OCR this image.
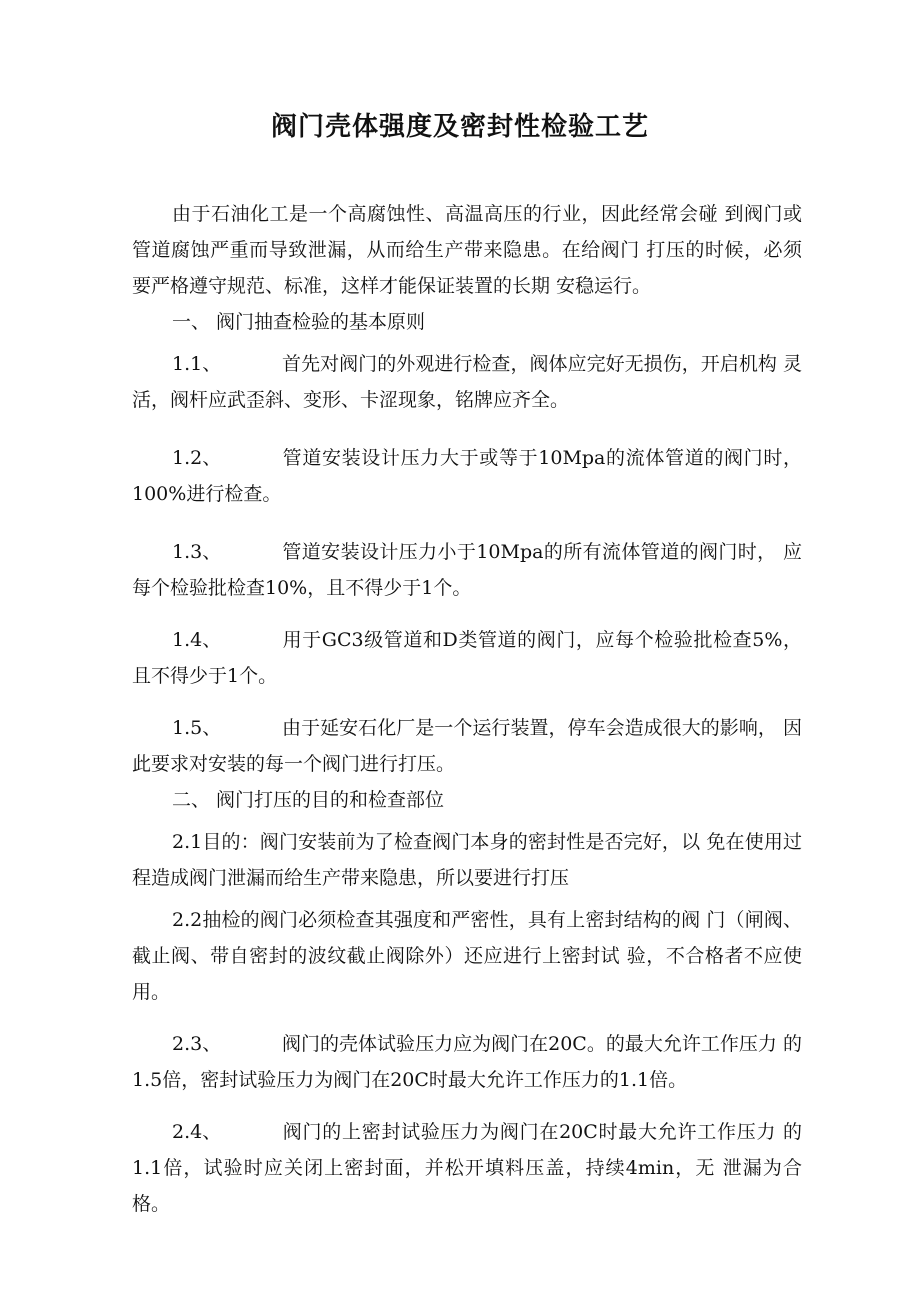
阀门壳体强度及密封性检验工艺

由于石油化工是一个高腐蚀性、高温高压的行业，因此经常会碰 到阀门或管道腐蚀严重而导致泄漏，从而给生产带来隐患。在给阀门 打压的时候，必须要严格遵守规范、标准，这样才能保证装置的长期 安稳运行。

一、 阀门抽查检验的基本原则

1.1、	首先对阀门的外观进行检查，阀体应完好无损伤，开启机构 灵活，阀杆应武歪斜、变形、卡涩现象，铭牌应齐全。

1.2、	管道安装设计压力大于或等于10Mpa的流体管道的阀门时，100%进行检查。

1.3、	管道安装设计压力小于10Mpa的所有流体管道的阀门时， 应每个检验批检查10%，且不得少于1个。

1.4、	用于GC3级管道和D类管道的阀门，应每个检验批检查5%， 且不得少于1个。

1.5、	由于延安石化厂是一个运行装置，停车会造成很大的影响， 因此要求对安装的每一个阀门进行打压。

二、 阀门打压的目的和检查部位

2.1目的：阀门安装前为了检查阀门本身的密封性是否完好，以 免在使用过程造成阀门泄漏而给生产带来隐患，所以要进行打压

2.2抽检的阀门必须检查其强度和严密性，具有上密封结构的阀 门（闸阀、截止阀、带自密封的波纹截止阀除外）还应进行上密封试 验，不合格者不应使用。

2.3、	阀门的壳体试验压力应为阀门在20C。的最大允许工作压力 的1.5倍，密封试验压力为阀门在20C时最大允许工作压力的1.1倍。

2.4、	阀门的上密封试验压力为阀门在20C时最大允许工作压力 的1.1倍，试验时应关闭上密封面，并松开填料压盖，持续4min，无 泄漏为合格。
